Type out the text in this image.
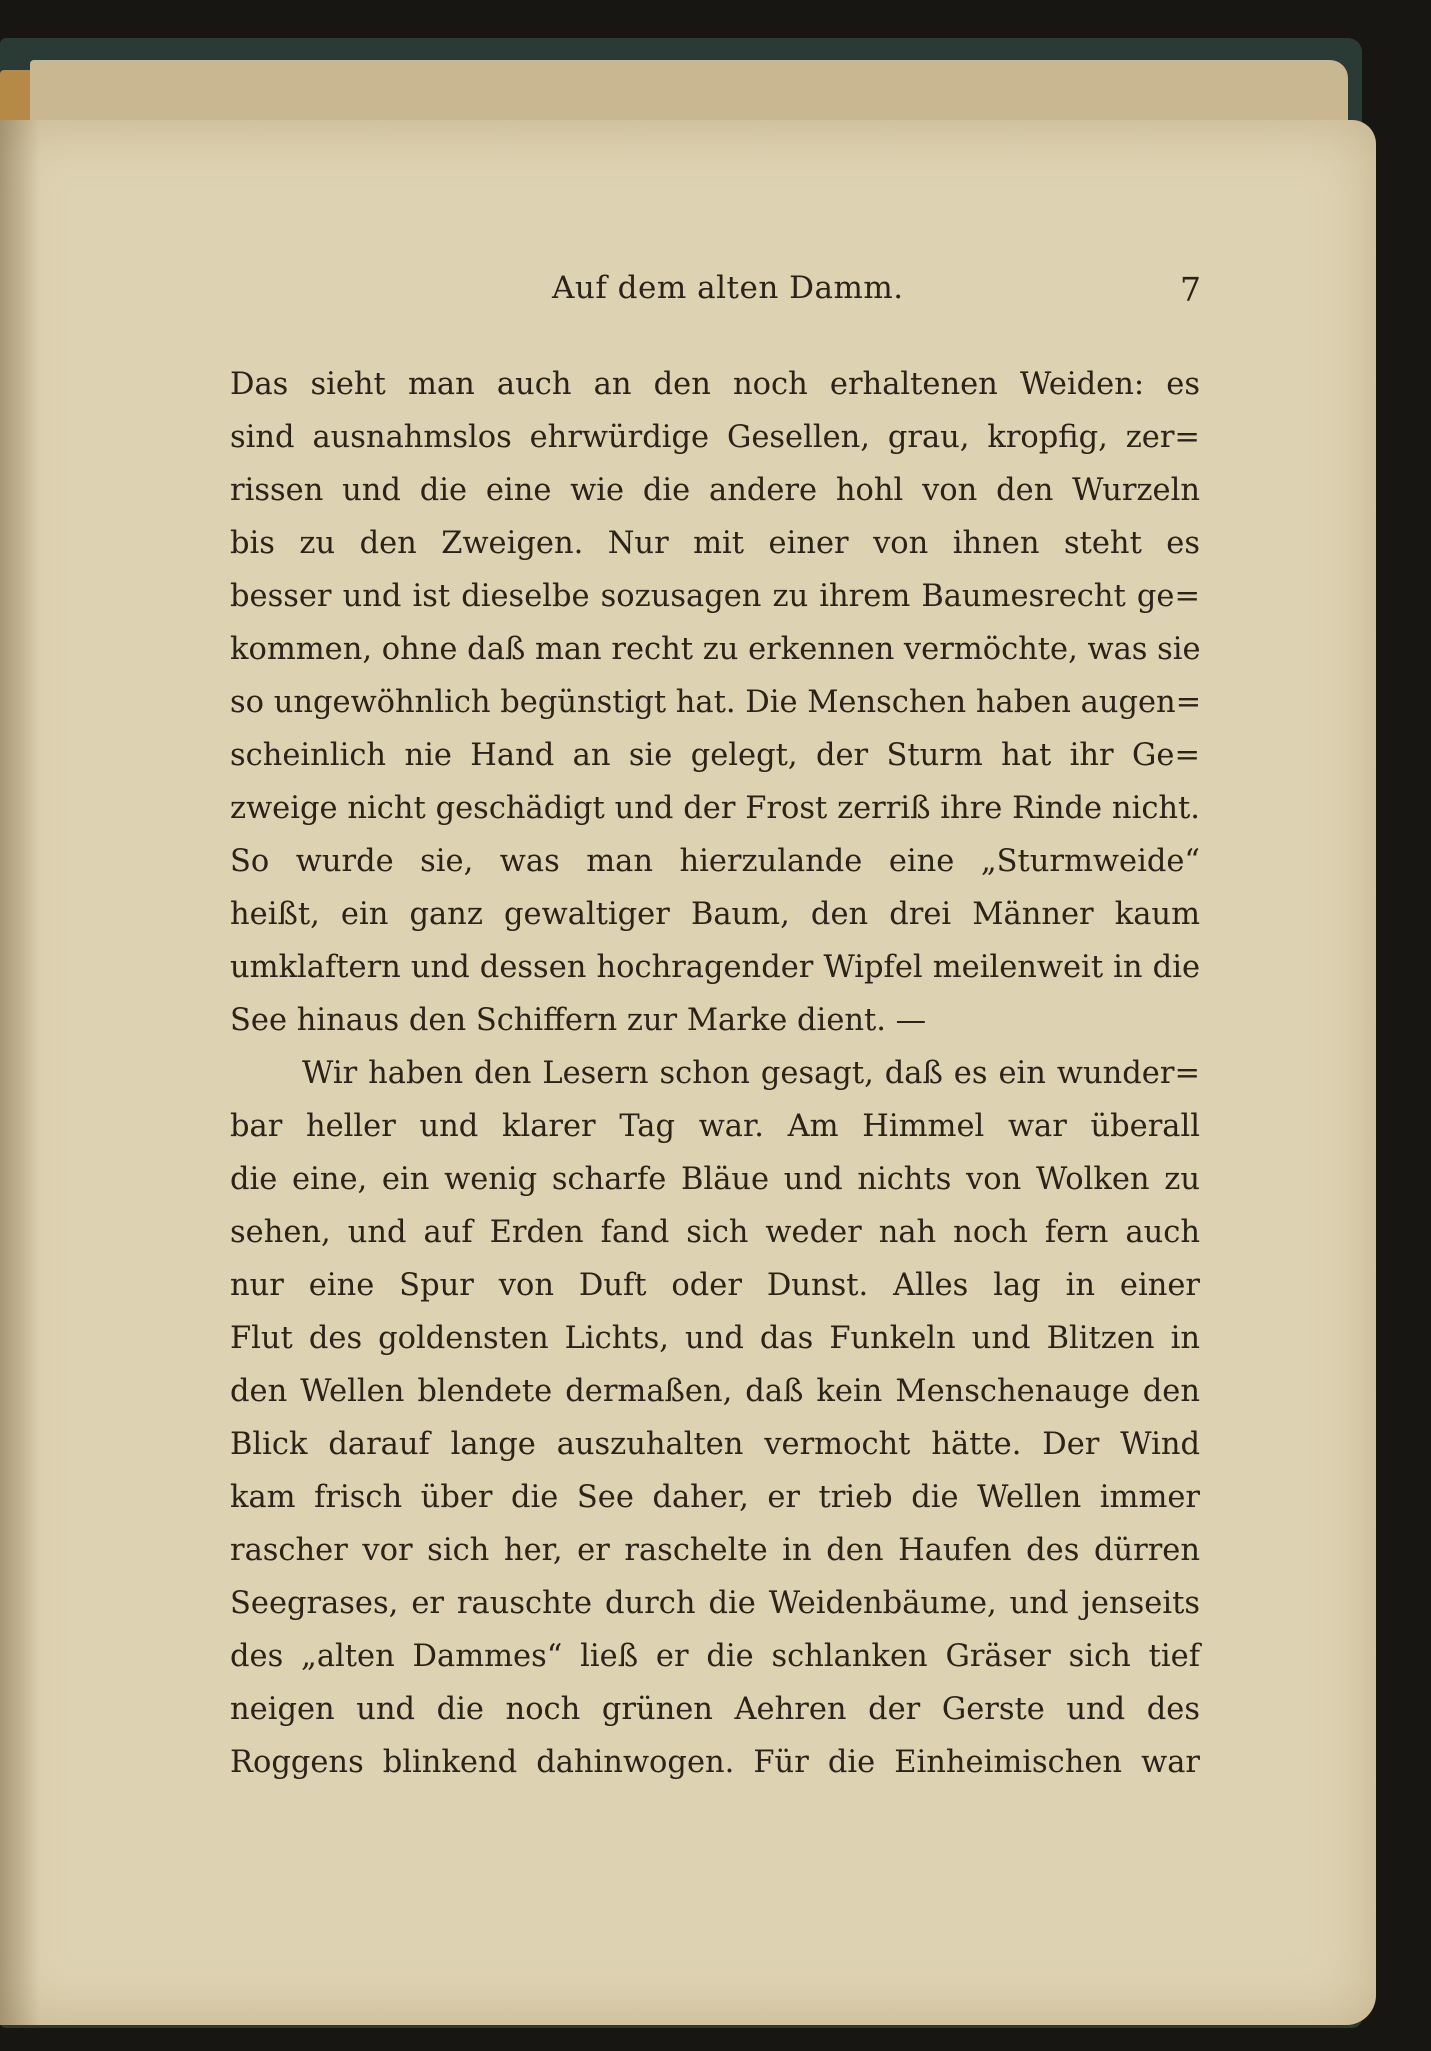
Auf dem alten Damm.	7
Das sieht man auch an den noch erhaltenen Weiden: es
sind ausnahmslos ehrwürdige Gesellen, grau, kropfig, zer=
rissen und die eine wie die andere hohl von den Wurzeln
bis zu den Zweigen. Nur mit einer von ihnen steht es
besser und ist dieselbe sozusagen zu ihrem Baumesrecht ge=
kommen, ohne daß man recht zu erkennen vermöchte, was sie
so ungewöhnlich begünstigt hat. Die Menschen haben augen=
scheinlich nie Hand an sie gelegt, der Sturm hat ihr Ge=
zweige nicht geschädigt und der Frost zerriß ihre Rinde nicht.
So wurde sie, was man hierzulande eine „Sturmweide“
heißt, ein ganz gewaltiger Baum, den drei Männer kaum
umklaftern und dessen hochragender Wipfel meilenweit in die
See hinaus den Schiffern zur Marke dient. —
Wir haben den Lesern schon gesagt, daß es ein wunder=
bar heller und klarer Tag war. Am Himmel war überall
die eine, ein wenig scharfe Bläue und nichts von Wolken zu
sehen, und auf Erden fand sich weder nah noch fern auch
nur eine Spur von Duft oder Dunst. Alles lag in einer
Flut des goldensten Lichts, und das Funkeln und Blitzen in
den Wellen blendete dermaßen, daß kein Menschenauge den
Blick darauf lange auszuhalten vermocht hätte. Der Wind
kam frisch über die See daher, er trieb die Wellen immer
rascher vor sich her, er raschelte in den Haufen des dürren
Seegrases, er rauschte durch die Weidenbäume, und jenseits
des „alten Dammes“ ließ er die schlanken Gräser sich tief
neigen und die noch grünen Aehren der Gerste und des
Roggens blinkend dahinwogen. Für die Einheimischen war
